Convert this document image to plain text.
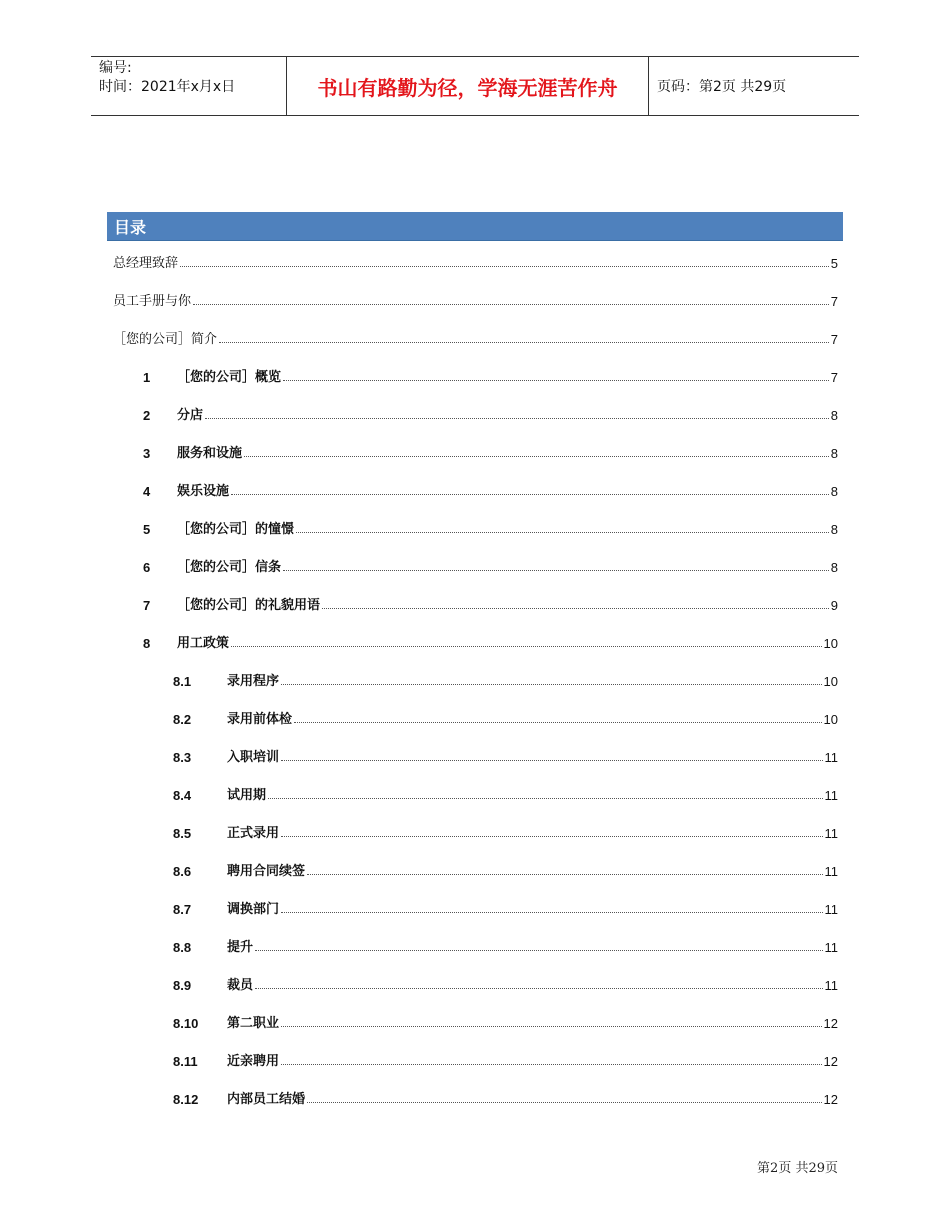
编号:
时间：2021年x月x日	书山有路勤为径，学海无涯苦作舟	页码：第2页 共29页
目录
总经理致辞	5
员工手册与你	7
［您的公司］简介	7
1 ［您的公司］概览	7
2 分店	8
3 服务和设施	8
4 娱乐设施	8
5 ［您的公司］的憧憬	8
6 ［您的公司］信条	8
7 ［您的公司］的礼貌用语	9
8 用工政策	10
8.1	录用程序	10
8.2	录用前体检	10
8.3	入职培训	11
8.4	试用期	11
8.5	正式录用	11
8.6	聘用合同续签	11
8.7	调换部门	11
8.8	提升	11
8.9	裁员	11
8.10 第二职业	12
8.11 近亲聘用	12
8.12 内部员工结婚	12
第2页 共29页
